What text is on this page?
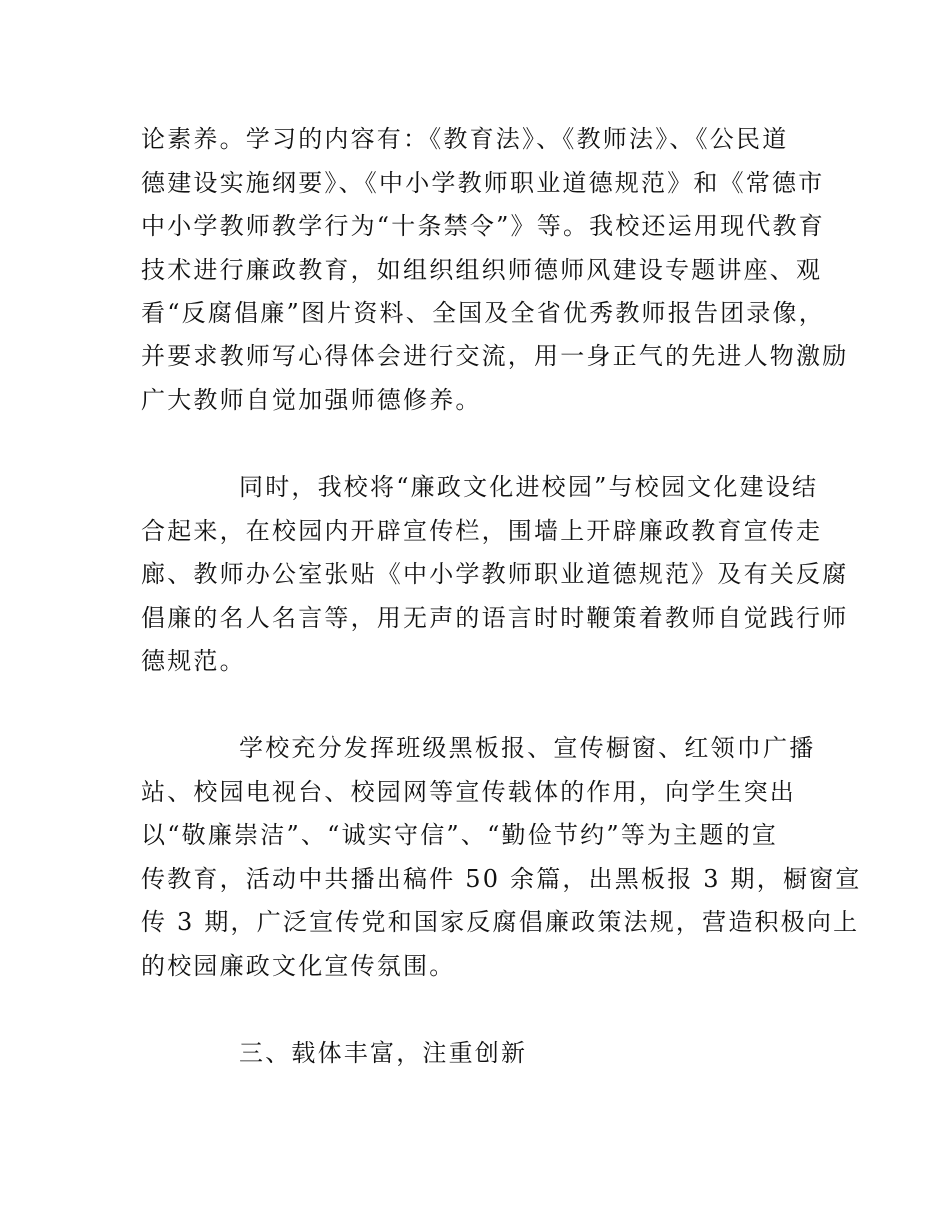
论素养。学习的内容有：《教育法》、《教师法》、《公民道
德建设实施纲要》、《中小学教师职业道德规范》和《常德市
中小学教师教学行为“十条禁令”》等。我校还运用现代教育
技术进行廉政教育，如组织组织师德师风建设专题讲座、观
看“反腐倡廉”图片资料、全国及全省优秀教师报告团录像，
并要求教师写心得体会进行交流，用一身正气的先进人物激励
广大教师自觉加强师德修养。
同时，我校将“廉政文化进校园”与校园文化建设结
合起来，在校园内开辟宣传栏，围墙上开辟廉政教育宣传走
廊、教师办公室张贴《中小学教师职业道德规范》及有关反腐
倡廉的名人名言等，用无声的语言时时鞭策着教师自觉践行师
德规范。
学校充分发挥班级黑板报、宣传橱窗、红领巾广播
站、校园电视台、校园网等宣传载体的作用，向学生突出
以“敬廉崇洁”、“诚实守信”、“勤俭节约”等为主题的宣
传教育，活动中共播出稿件 50 余篇，出黑板报 3 期，橱窗宣
传 3 期，广泛宣传党和国家反腐倡廉政策法规，营造积极向上
的校园廉政文化宣传氛围。
三、载体丰富，注重创新
